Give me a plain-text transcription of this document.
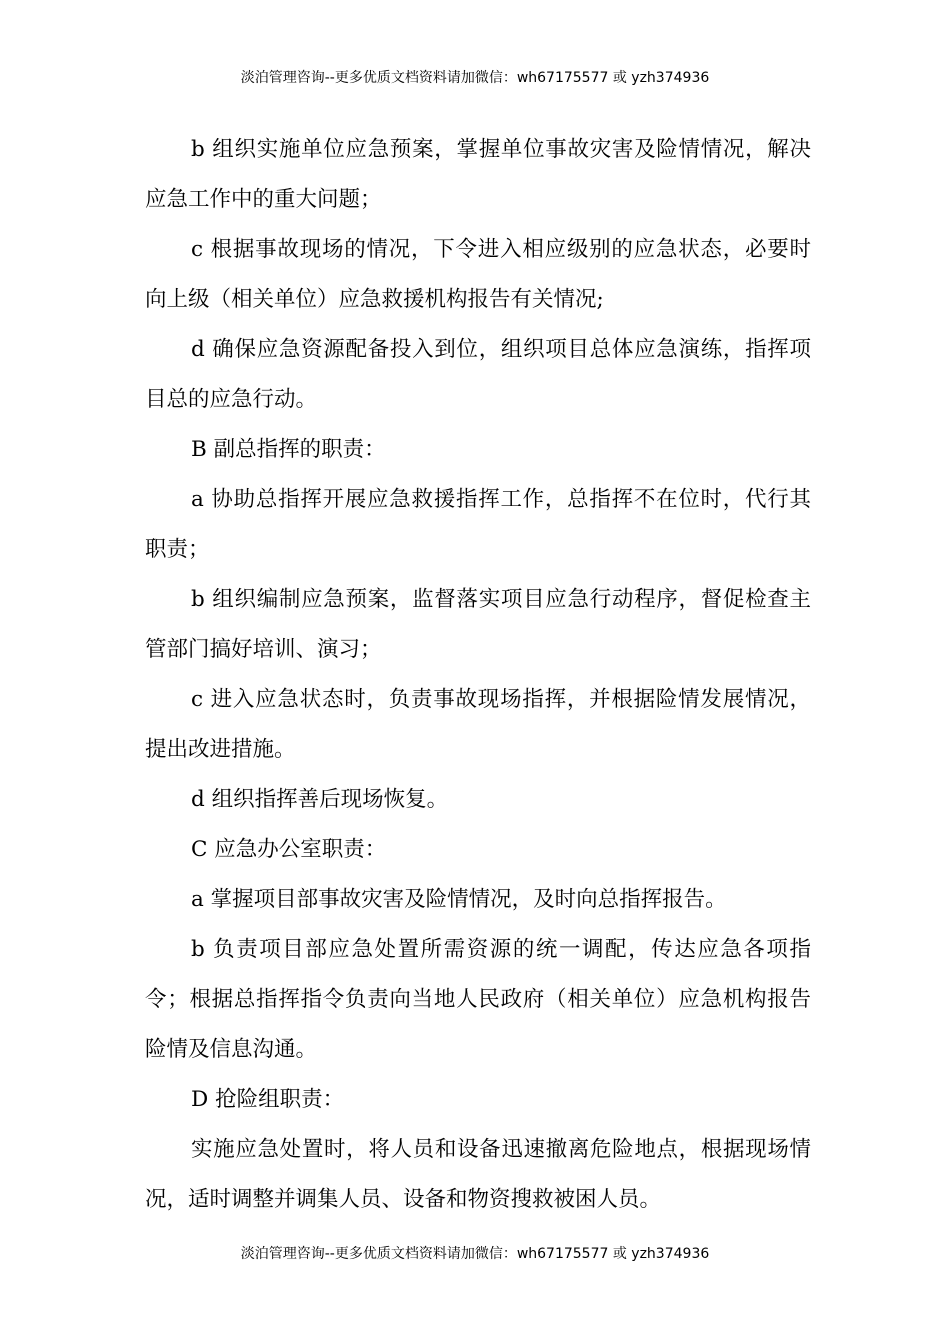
淡泊管理咨询--更多优质文档资料请加微信：wh67175577 或 yzh374936

b 组织实施单位应急预案，掌握单位事故灾害及险情情况，解决应急工作中的重大问题；

c 根据事故现场的情况，下令进入相应级别的应急状态，必要时向上级（相关单位）应急救援机构报告有关情况;

d 确保应急资源配备投入到位，组织项目总体应急演练，指挥项目总的应急行动。

B 副总指挥的职责：

a 协助总指挥开展应急救援指挥工作，总指挥不在位时，代行其职责；

b 组织编制应急预案，监督落实项目应急行动程序，督促检查主管部门搞好培训、演习；

c 进入应急状态时，负责事故现场指挥，并根据险情发展情况，提出改进措施。

d 组织指挥善后现场恢复。

C 应急办公室职责：

a 掌握项目部事故灾害及险情情况，及时向总指挥报告。

b 负责项目部应急处置所需资源的统一调配，传达应急各项指令；根据总指挥指令负责向当地人民政府（相关单位）应急机构报告险情及信息沟通。

D 抢险组职责：

实施应急处置时，将人员和设备迅速撤离危险地点，根据现场情况，适时调整并调集人员、设备和物资搜救被困人员。

淡泊管理咨询--更多优质文档资料请加微信：wh67175577 或 yzh374936
